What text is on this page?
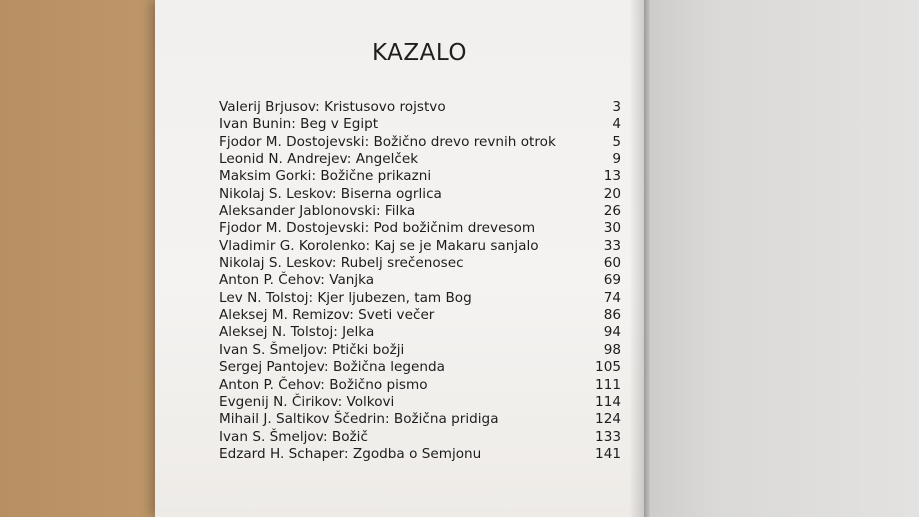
KAZALO
Valerij Brjusov: Kristusovo rojstvo	3
Ivan Bunin: Beg v Egipt	4
Fjodor M. Dostojevski: Božično drevo revnih otrok	5
Leonid N. Andrejev: Angelček	9
Maksim Gorki: Božične prikazni	13
Nikolaj S. Leskov: Biserna ogrlica	20
Aleksander Jablonovski: Filka	26
Fjodor M. Dostojevski: Pod božičnim drevesom	30
Vladimir G. Korolenko: Kaj se je Makaru sanjalo	33
Nikolaj S. Leskov: Rubelj srečenosec	60
Anton P. Čehov: Vanjka	69
Lev N. Tolstoj: Kjer ljubezen, tam Bog	74
Aleksej M. Remizov: Sveti večer	86
Aleksej N. Tolstoj: Jelka	94
Ivan S. Šmeljov: Ptički božji	98
Sergej Pantojev: Božična legenda	105
Anton P. Čehov: Božično pismo	111
Evgenij N. Čirikov: Volkovi	114
Mihail J. Saltikov Ščedrin: Božična pridiga	124
Ivan S. Šmeljov: Božič	133
Edzard H. Schaper: Zgodba o Semjonu	141
